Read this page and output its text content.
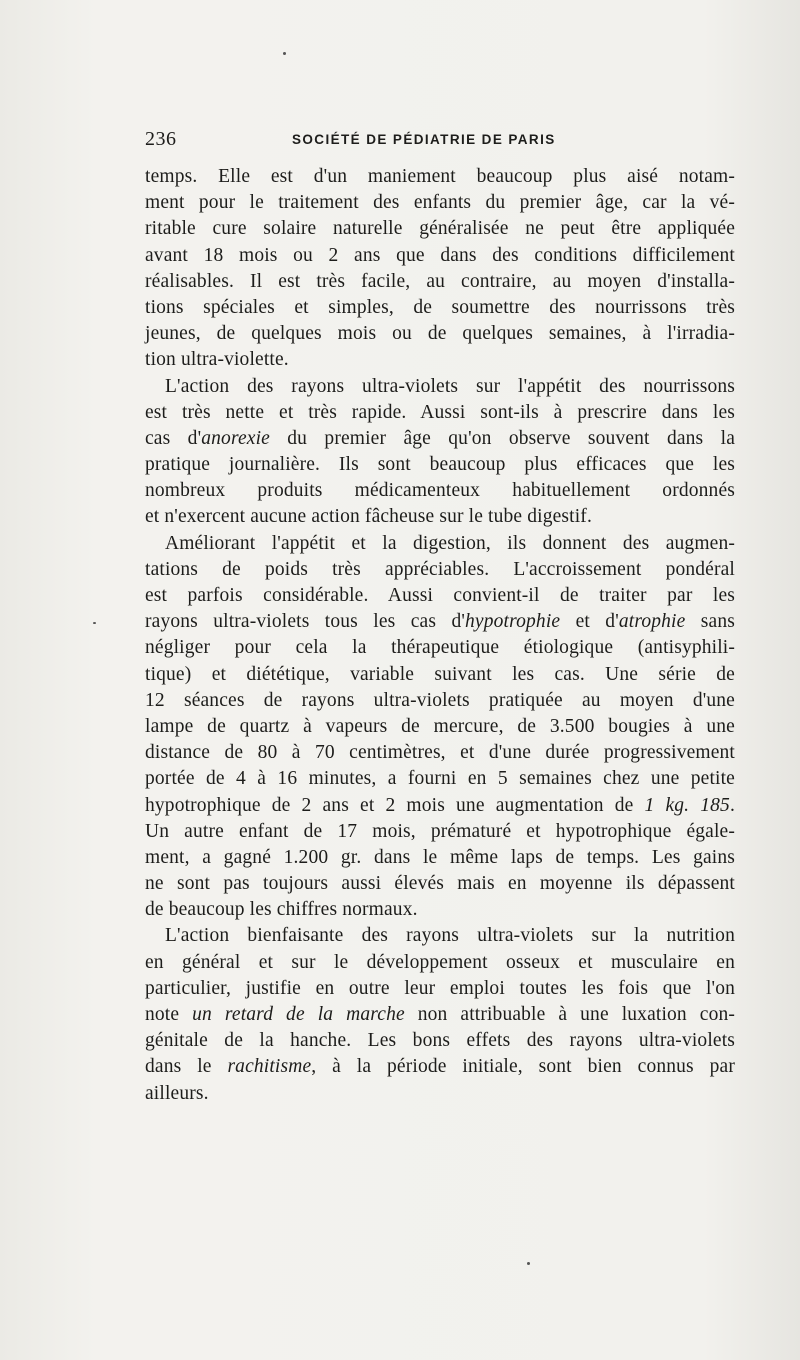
236	SOCIÉTÉ DE PÉDIATRIE DE PARIS
temps. Elle est d'un maniement beaucoup plus aisé notam-
ment pour le traitement des enfants du premier âge, car la vé-
ritable cure solaire naturelle généralisée ne peut être appliquée
avant 18 mois ou 2 ans que dans des conditions difficilement
réalisables. Il est très facile, au contraire, au moyen d'installa-
tions spéciales et simples, de soumettre des nourrissons très
jeunes, de quelques mois ou de quelques semaines, à l'irradia-
tion ultra-violette.
L'action des rayons ultra-violets sur l'appétit des nourrissons
est très nette et très rapide. Aussi sont-ils à prescrire dans les
cas d'anorexie du premier âge qu'on observe souvent dans la
pratique journalière. Ils sont beaucoup plus efficaces que les
nombreux produits médicamenteux habituellement ordonnés
et n'exercent aucune action fâcheuse sur le tube digestif.
Améliorant l'appétit et la digestion, ils donnent des augmen-
tations de poids très appréciables. L'accroissement pondéral
est parfois considérable. Aussi convient-il de traiter par les
rayons ultra-violets tous les cas d'hypotrophie et d'atrophie sans
négliger pour cela la thérapeutique étiologique (antisyphili-
tique) et diététique, variable suivant les cas. Une série de
12 séances de rayons ultra-violets pratiquée au moyen d'une
lampe de quartz à vapeurs de mercure, de 3.500 bougies à une
distance de 80 à 70 centimètres, et d'une durée progressivement
portée de 4 à 16 minutes, a fourni en 5 semaines chez une petite
hypotrophique de 2 ans et 2 mois une augmentation de 1 kg. 185.
Un autre enfant de 17 mois, prématuré et hypotrophique égale-
ment, a gagné 1.200 gr. dans le même laps de temps. Les gains
ne sont pas toujours aussi élevés mais en moyenne ils dépassent
de beaucoup les chiffres normaux.
L'action bienfaisante des rayons ultra-violets sur la nutrition
en général et sur le développement osseux et musculaire en
particulier, justifie en outre leur emploi toutes les fois que l'on
note un retard de la marche non attribuable à une luxation con-
génitale de la hanche. Les bons effets des rayons ultra-violets
dans le rachitisme, à la période initiale, sont bien connus par
ailleurs.
